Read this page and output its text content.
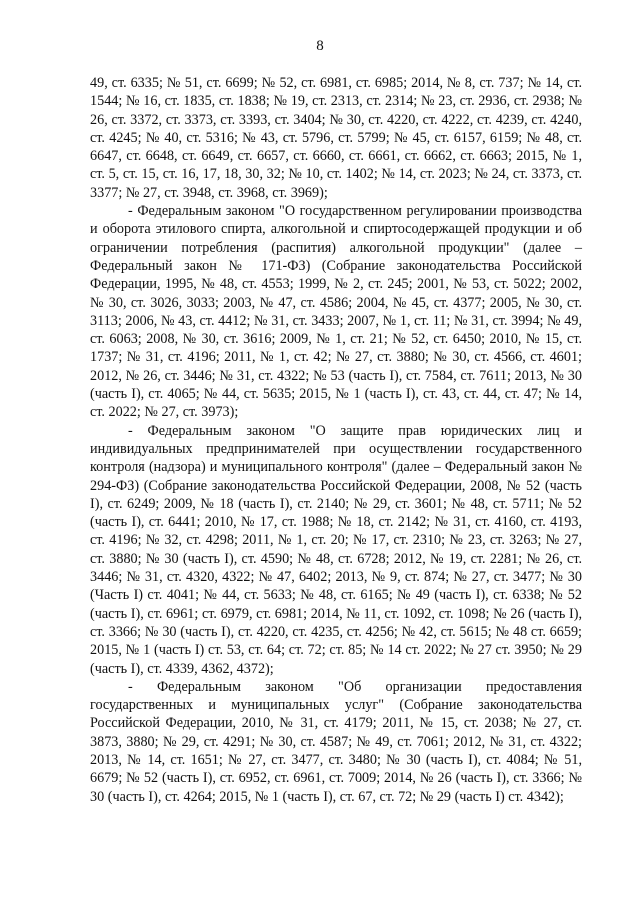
8

49, ст. 6335; № 51, ст. 6699; № 52, ст. 6981, ст. 6985; 2014, № 8, ст. 737; № 14, ст. 1544; № 16, ст. 1835, ст. 1838; № 19, ст. 2313, ст. 2314; № 23, ст. 2936, ст. 2938; № 26, ст. 3372, ст. 3373, ст. 3393, ст. 3404; № 30, ст. 4220, ст. 4222, ст. 4239, ст. 4240, ст. 4245; № 40, ст. 5316; № 43, ст. 5796, ст. 5799; № 45, ст. 6157, 6159; № 48, ст. 6647, ст. 6648, ст. 6649, ст. 6657, ст. 6660, ст. 6661, ст. 6662, ст. 6663; 2015, № 1, ст. 5, ст. 15, ст. 16, 17, 18, 30, 32; № 10, ст. 1402; № 14, ст. 2023; № 24, ст. 3373, ст. 3377; № 27, ст. 3948, ст. 3968, ст. 3969);

- Федеральным законом "О государственном регулировании производства и оборота этилового спирта, алкогольной и спиртосодержащей продукции и об ограничении потребления (распития) алкогольной продукции" (далее – Федеральный закон № 171-ФЗ) (Собрание законодательства Российской Федерации, 1995, № 48, ст. 4553; 1999, № 2, ст. 245; 2001, № 53, ст. 5022; 2002, № 30, ст. 3026, 3033; 2003, № 47, ст. 4586; 2004, № 45, ст. 4377; 2005, № 30, ст. 3113; 2006, № 43, ст. 4412; № 31, ст. 3433; 2007, № 1, ст. 11; № 31, ст. 3994; № 49, ст. 6063; 2008, № 30, ст. 3616; 2009, № 1, ст. 21; № 52, ст. 6450; 2010, № 15, ст. 1737; № 31, ст. 4196; 2011, № 1, ст. 42; № 27, ст. 3880; № 30, ст. 4566, ст. 4601; 2012, № 26, ст. 3446; № 31, ст. 4322; № 53 (часть I), ст. 7584, ст. 7611; 2013, № 30 (часть I), ст. 4065; № 44, ст. 5635; 2015, № 1 (часть I), ст. 43, ст. 44, ст. 47; № 14, ст. 2022; № 27, ст. 3973);

- Федеральным законом "О защите прав юридических лиц и индивидуальных предпринимателей при осуществлении государственного контроля (надзора) и муниципального контроля" (далее – Федеральный закон № 294-ФЗ) (Собрание законодательства Российской Федерации, 2008, № 52 (часть I), ст. 6249; 2009, № 18 (часть I), ст. 2140; № 29, ст. 3601; № 48, ст. 5711; № 52 (часть I), ст. 6441; 2010, № 17, ст. 1988; № 18, ст. 2142; № 31, ст. 4160, ст. 4193, ст. 4196; № 32, ст. 4298; 2011, № 1, ст. 20; № 17, ст. 2310; № 23, ст. 3263; № 27, ст. 3880; № 30 (часть I), ст. 4590; № 48, ст. 6728; 2012, № 19, ст. 2281; № 26, ст. 3446; № 31, ст. 4320, 4322; № 47, 6402; 2013, № 9, ст. 874; № 27, ст. 3477; № 30 (Часть I) ст. 4041; № 44, ст. 5633; № 48, ст. 6165; № 49 (часть I), ст. 6338; № 52 (часть I), ст. 6961; ст. 6979, ст. 6981; 2014, № 11, ст. 1092, ст. 1098; № 26 (часть I), ст. 3366; № 30 (часть I), ст. 4220, ст. 4235, ст. 4256; № 42, ст. 5615; № 48 ст. 6659; 2015, № 1 (часть I) ст. 53, ст. 64; ст. 72; ст. 85; № 14 ст. 2022; № 27 ст. 3950; № 29 (часть I), ст. 4339, 4362, 4372);

- Федеральным законом "Об организации предоставления государственных и муниципальных услуг" (Собрание законодательства Российской Федерации, 2010, № 31, ст. 4179; 2011, № 15, ст. 2038; № 27, ст. 3873, 3880; № 29, ст. 4291; № 30, ст. 4587; № 49, ст. 7061; 2012, № 31, ст. 4322; 2013, № 14, ст. 1651; № 27, ст. 3477, ст. 3480; № 30 (часть I), ст. 4084; № 51, 6679; № 52 (часть I), ст. 6952, ст. 6961, ст. 7009; 2014, № 26 (часть I), ст. 3366; № 30 (часть I), ст. 4264; 2015, № 1 (часть I), ст. 67, ст. 72; № 29 (часть I) ст. 4342);
